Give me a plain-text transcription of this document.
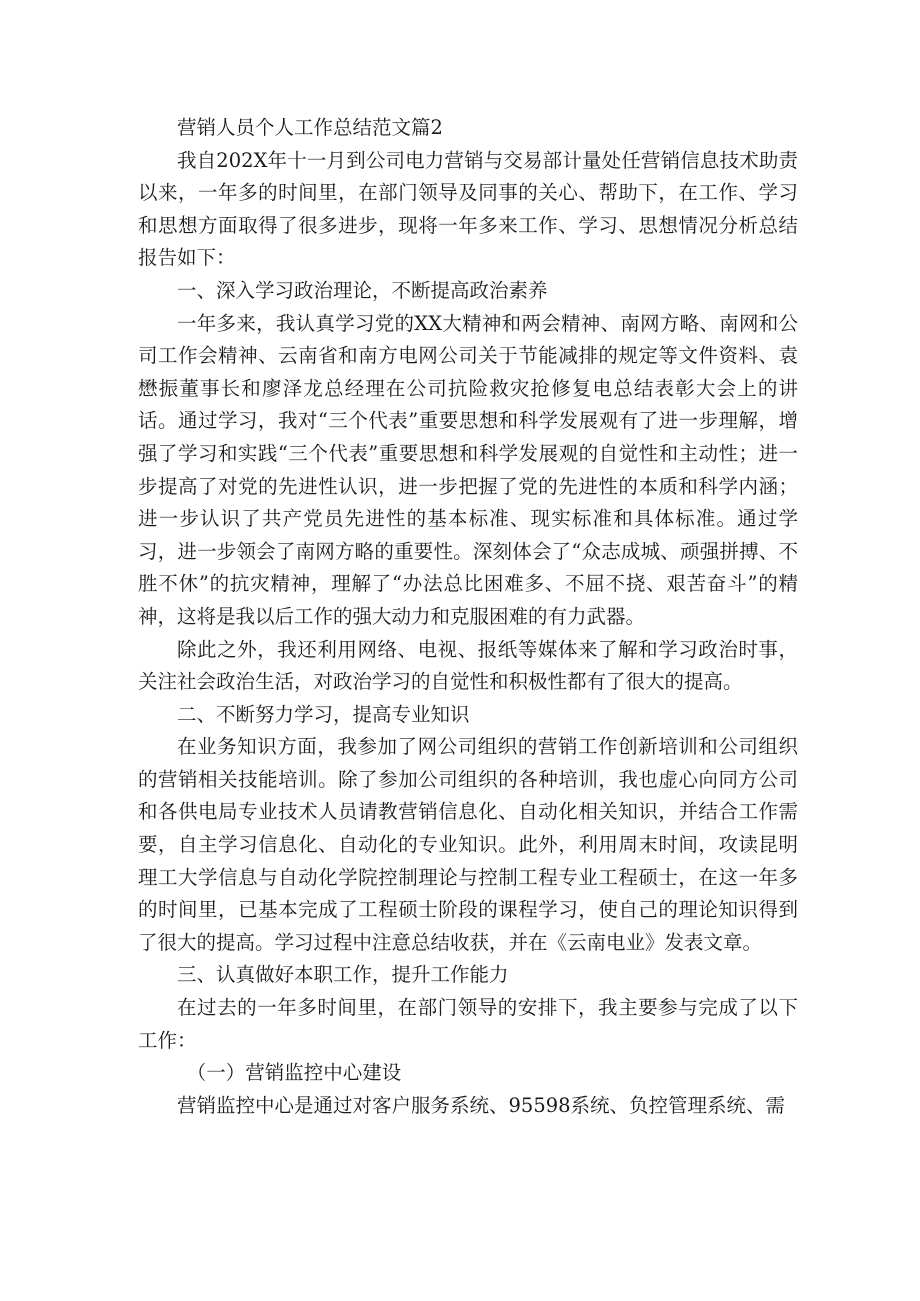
营销人员个人工作总结范文篇2

我自202X年十一月到公司电力营销与交易部计量处任营销信息技术助责以来，一年多的时间里，在部门领导及同事的关心、帮助下，在工作、学习和思想方面取得了很多进步，现将一年多来工作、学习、思想情况分析总结报告如下：

一、深入学习政治理论，不断提高政治素养

一年多来，我认真学习党的XX大精神和两会精神、南网方略、南网和公司工作会精神、云南省和南方电网公司关于节能减排的规定等文件资料、袁懋振董事长和廖泽龙总经理在公司抗险救灾抢修复电总结表彰大会上的讲话。通过学习，我对“三个代表”重要思想和科学发展观有了进一步理解，增强了学习和实践“三个代表”重要思想和科学发展观的自觉性和主动性；进一步提高了对党的先进性认识，进一步把握了党的先进性的本质和科学内涵；进一步认识了共产党员先进性的基本标准、现实标准和具体标准。通过学习，进一步领会了南网方略的重要性。深刻体会了“众志成城、顽强拼搏、不胜不休”的抗灾精神，理解了“办法总比困难多、不屈不挠、艰苦奋斗”的精神，这将是我以后工作的强大动力和克服困难的有力武器。

除此之外，我还利用网络、电视、报纸等媒体来了解和学习政治时事，关注社会政治生活，对政治学习的自觉性和积极性都有了很大的提高。

二、不断努力学习，提高专业知识

在业务知识方面，我参加了网公司组织的营销工作创新培训和公司组织的营销相关技能培训。除了参加公司组织的各种培训，我也虚心向同方公司和各供电局专业技术人员请教营销信息化、自动化相关知识，并结合工作需要，自主学习信息化、自动化的专业知识。此外，利用周末时间，攻读昆明理工大学信息与自动化学院控制理论与控制工程专业工程硕士，在这一年多的时间里，已基本完成了工程硕士阶段的课程学习，使自己的理论知识得到了很大的提高。学习过程中注意总结收获，并在《云南电业》发表文章。

三、认真做好本职工作，提升工作能力

在过去的一年多时间里，在部门领导的安排下，我主要参与完成了以下工作：

（一）营销监控中心建设

营销监控中心是通过对客户服务系统、95598系统、负控管理系统、需
